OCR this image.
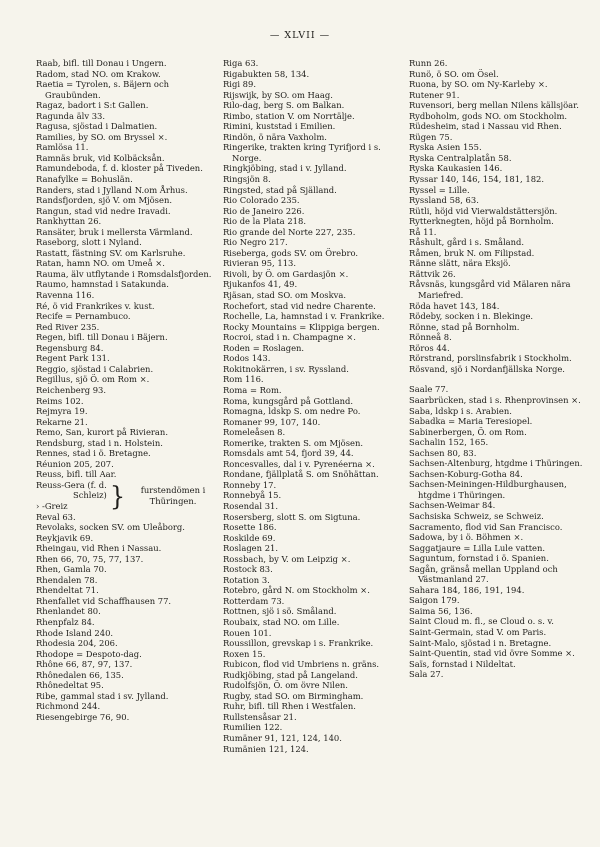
— XLVII —
Raab, bifl. till Donau i Ungern.
Radom, stad NO. om Krakow.
Raetia = Tyrolen, s. Bäjern och Graubünden.
Ragaz, badort i S:t Gallen.
Ragunda älv 33.
Ragusa, sjöstad i Dalmatien.
Ramilies, by SO. om Bryssel ×.
Ramlösa 11.
Ramnäs bruk, vid Kolbäcksån.
Ramundeboda, f. d. kloster på Tiveden.
Ranafylke = Bohuslän.
Randers, stad i Jylland N.om Århus.
Randsfjorden, sjö V. om Mjösen.
Rangun, stad vid nedre Iravadi.
Rankhyttan 26.
Ransäter, bruk i mellersta Värmland.
Raseborg, slott i Nyland.
Rastatt, fästning SV. om Karlsruhe.
Ratan, hamn NO. om Umeå ×.
Rauma, älv utflytande i Romsdalsfjorden.
Raumo, hamnstad i Satakunda.
Ravenna 116.
Ré, ö vid Frankrikes v. kust.
Recife = Pernambuco.
Red River 235.
Regen, bifl. till Donau i Bäjern.
Regensburg 84.
Regent Park 131.
Reggio, sjöstad i Calabrien.
Regillus, sjö Ö. om Rom ×.
Reichenberg 93.
Reims 102.
Rejmyra 19.
Rekarne 21.
Remo, San, kurort på Rivieran.
Rendsburg, stad i n. Holstein.
Rennes, stad i ö. Bretagne.
Réunion 205, 207.
Reuss, bifl. till Aar.
Reuss-Gera (f. d.
Schleiz)
› -Greiz	}	furstendömen i Thüringen.
Reval 63.
Revolaks, socken SV. om Uleåborg.
Reykjavik 69.
Rheingau, vid Rhen i Nassau.
Rhen 66, 70, 75, 77, 137.
Rhen, Gamla 70.
Rhendalen 78.
Rhendeltat 71.
Rhenfallet vid Schaffhausen 77.
Rhenlandet 80.
Rhenpfalz 84.
Rhode Island 240.
Rhodesia 204, 206.
Rhodope = Despoto-dag.
Rhône 66, 87, 97, 137.
Rhônedalen 66, 135.
Rhônedeltat 95.
Ribe, gammal stad i sv. Jylland.
Richmond 244.
Riesengebirge 76, 90.
Riga 63.
Rigabukten 58, 134.
Rigi 89.
Rijswijk, by SO. om Haag.
Rilo-dag, berg S. om Balkan.
Rimbo, station V. om Norrtälje.
Rimini, kuststad i Emilien.
Rindön, ö nära Vaxholm.
Ringerike, trakten kring Tyrifjord i s. Norge.
Ringkjöbing, stad i v. Jylland.
Ringsjön 8.
Ringsted, stad på Själland.
Rio Colorado 235.
Rio de Janeiro 226.
Rio de la Plata 218.
Rio grande del Norte 227, 235.
Rio Negro 217.
Riseberga, gods SV. om Örebro.
Rivieran 95, 113.
Rivoli, by Ö. om Gardasjön ×.
Rjukanfos 41, 49.
Rjäsan, stad SO. om Moskva.
Rochefort, stad vid nedre Charente.
Rochelle, La, hamnstad i v. Frankrike.
Rocky Mountains = Klippiga bergen.
Rocroi, stad i n. Champagne ×.
Roden = Roslagen.
Rodos 143.
Rokitnokärren, i sv. Ryssland.
Rom 116.
Roma = Rom.
Roma, kungsgård på Gottland.
Romagna, ldskp S. om nedre Po.
Romaner 99, 107, 140.
Romeleåsen 8.
Romerike, trakten S. om Mjösen.
Romsdals amt 54, fjord 39, 44.
Roncesvalles, dal i v. Pyrenéerna ×.
Rondane, fjällplatå S. om Snöhättan.
Ronneby 17.
Ronnebyå 15.
Rosendal 31.
Rosersberg, slott S. om Sigtuna.
Rosette 186.
Roskilde 69.
Roslagen 21.
Rossbach, by V. om Leipzig ×.
Rostock 83.
Rotation 3.
Rotebro, gård N. om Stockholm ×.
Rotterdam 73.
Rottnen, sjö i sö. Småland.
Roubaix, stad NO. om Lille.
Rouen 101.
Roussillon, grevskap i s. Frankrike.
Roxen 15.
Rubicon, flod vid Umbriens n. gräns.
Rudkjöbing, stad på Langeland.
Rudolfsjön, Ö. om övre Nilen.
Rugby, stad SO. om Birmingham.
Ruhr, bifl. till Rhen i Westfalen.
Rullstensåsar 21.
Rumilien 122.
Rumäner 91, 121, 124, 140.
Rumänien 121, 124.
Runn 26.
Runö, ö SO. om Ösel.
Ruona, by SO. om Ny-Karleby ×.
Rutener 91.
Ruvensori, berg mellan Nilens källsjöar.
Rydboholm, gods NO. om Stockholm.
Rüdesheim, stad i Nassau vid Rhen.
Rügen 75.
Ryska Asien 155.
Ryska Centralplatån 58.
Ryska Kaukasien 146.
Ryssar 140, 146, 154, 181, 182.
Ryssel = Lille.
Ryssland 58, 63.
Rütli, höjd vid Vierwaldstättersjön.
Rytterknegten, höjd på Bornholm.
Rå 11.
Råshult, gård i s. Småland.
Råmen, bruk N. om Filipstad.
Ränne slätt, nära Eksjö.
Rättvik 26.
Råvsnäs, kungsgård vid Mälaren nära Mariefred.
Röda havet 143, 184.
Rödeby, socken i n. Blekinge.
Rönne, stad på Bornholm.
Rönneå 8.
Röros 44.
Rörstrand, porslinsfabrik i Stockholm.
Rösvand, sjö i Nordanfjällska Norge.
Saale 77.
Saarbrücken, stad i s. Rhenprovinsen ×.
Saba, ldskp i s. Arabien.
Sabadka = Maria Teresiopel.
Sabinerbergen, Ö. om Rom.
Sachalin 152, 165.
Sachsen 80, 83.
Sachsen-Altenburg, htgdme i Thüringen.
Sachsen-Koburg-Gotha 84.
Sachsen-Meiningen-Hildburghausen, htgdme i Thüringen.
Sachsen-Weimar 84.
Sachsiska Schweiz, se Schweiz.
Sacramento, flod vid San Francisco.
Sadowa, by i ö. Böhmen ×.
Saggatjaure = Lilla Lule vatten.
Saguntum, fornstad i ö. Spanien.
Sagån, gränså mellan Uppland och Västmanland 27.
Sahara 184, 186, 191, 194.
Saigon 179.
Saima 56, 136.
Saint Cloud m. fl., se Cloud o. s. v.
Saint-Germain, stad V. om Paris.
Saint-Malo, sjöstad i n. Bretagne.
Saint-Quentin, stad vid övre Somme ×.
Saïs, fornstad i Nildeltat.
Sala 27.
